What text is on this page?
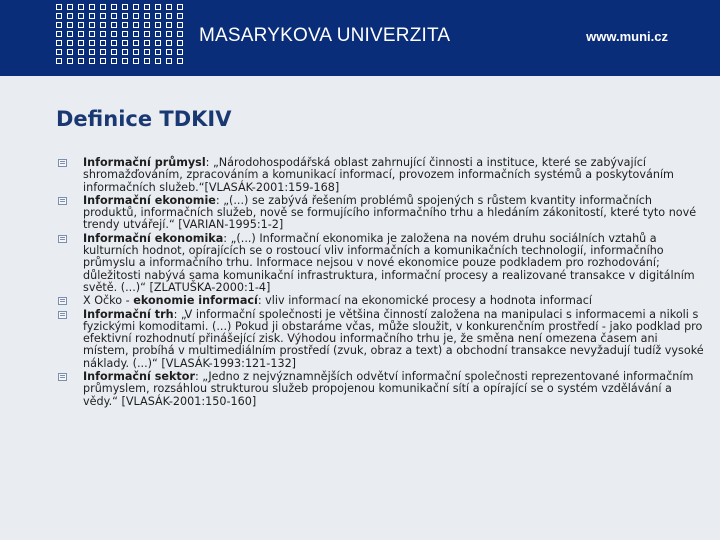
MASARYKOVA UNIVERZITA	www.muni.cz
Definice TDKIV
Informační průmysl: „Národohospodářská oblast zahrnující činnosti a instituce, které se zabývající shromažďováním, zpracováním a komunikací informací, provozem informačních systémů a poskytováním informačních služeb.“[VLASÁK-2001:159-168]
Informační ekonomie: „(...) se zabývá řešením problémů spojených s růstem kvantity informačních produktů, informačních služeb, nově se formujícího informačního trhu a hledáním zákonitostí, které tyto nové trendy utvářejí.“ [VARIAN-1995:1-2]
Informační ekonomika: „(...) Informační ekonomika je založena na novém druhu sociálních vztahů a kulturních hodnot, opírajících se o rostoucí vliv informačních a komunikačních technologií, informačního průmyslu a informačního trhu. Informace nejsou v nové ekonomice pouze podkladem pro rozhodování; důležitosti nabývá sama komunikační infrastruktura, informační procesy a realizované transakce v digitálním světě. (...)“ [ZLATUŠKA-2000:1-4]
X Očko - ekonomie informací: vliv informací na ekonomické procesy a hodnota informací
Informační trh: „V informační společnosti je většina činností založena na manipulaci s informacemi a nikoli s fyzickými komoditami. (...) Pokud ji obstaráme včas, může sloužit, v konkurenčním prostředí - jako podklad pro efektivní rozhodnutí přinášející zisk. Výhodou informačního trhu je, že směna není omezena časem ani místem, probíhá v multimediálním prostředí (zvuk, obraz a text) a obchodní transakce nevyžadují tudíž vysoké náklady. (...)“ [VLASÁK-1993:121-132]
Informační sektor: „Jedno z nejvýznamnějších odvětví informační společnosti reprezentované informačním průmyslem, rozsáhlou strukturou služeb propojenou komunikační sítí a opírající se o systém vzdělávání a vědy.“ [VLASÁK-2001:150-160]
